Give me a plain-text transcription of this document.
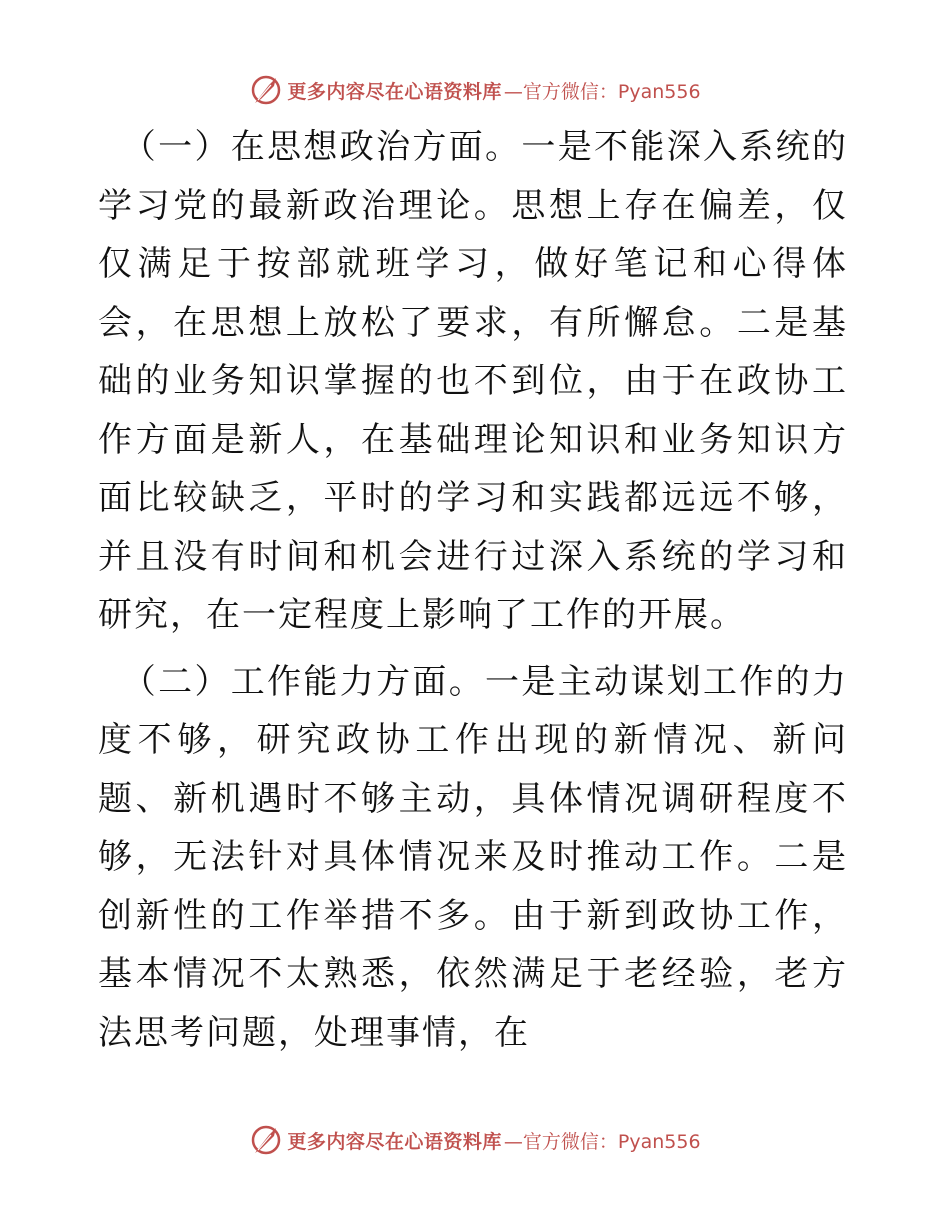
更多内容尽在心语资料库 —官方微信：Pyan556

（一）在思想政治方面。一是不能深入系统的学习党的最新政治理论。思想上存在偏差，仅仅满足于按部就班学习，做好笔记和心得体会，在思想上放松了要求，有所懈怠。二是基础的业务知识掌握的也不到位，由于在政协工作方面是新人，在基础理论知识和业务知识方面比较缺乏，平时的学习和实践都远远不够，并且没有时间和机会进行过深入系统的学习和研究，在一定程度上影响了工作的开展。

（二）工作能力方面。一是主动谋划工作的力度不够，研究政协工作出现的新情况、新问题、新机遇时不够主动，具体情况调研程度不够，无法针对具体情况来及时推动工作。二是创新性的工作举措不多。由于新到政协工作，基本情况不太熟悉，依然满足于老经验，老方法思考问题，处理事情，在

更多内容尽在心语资料库 —官方微信：Pyan556
